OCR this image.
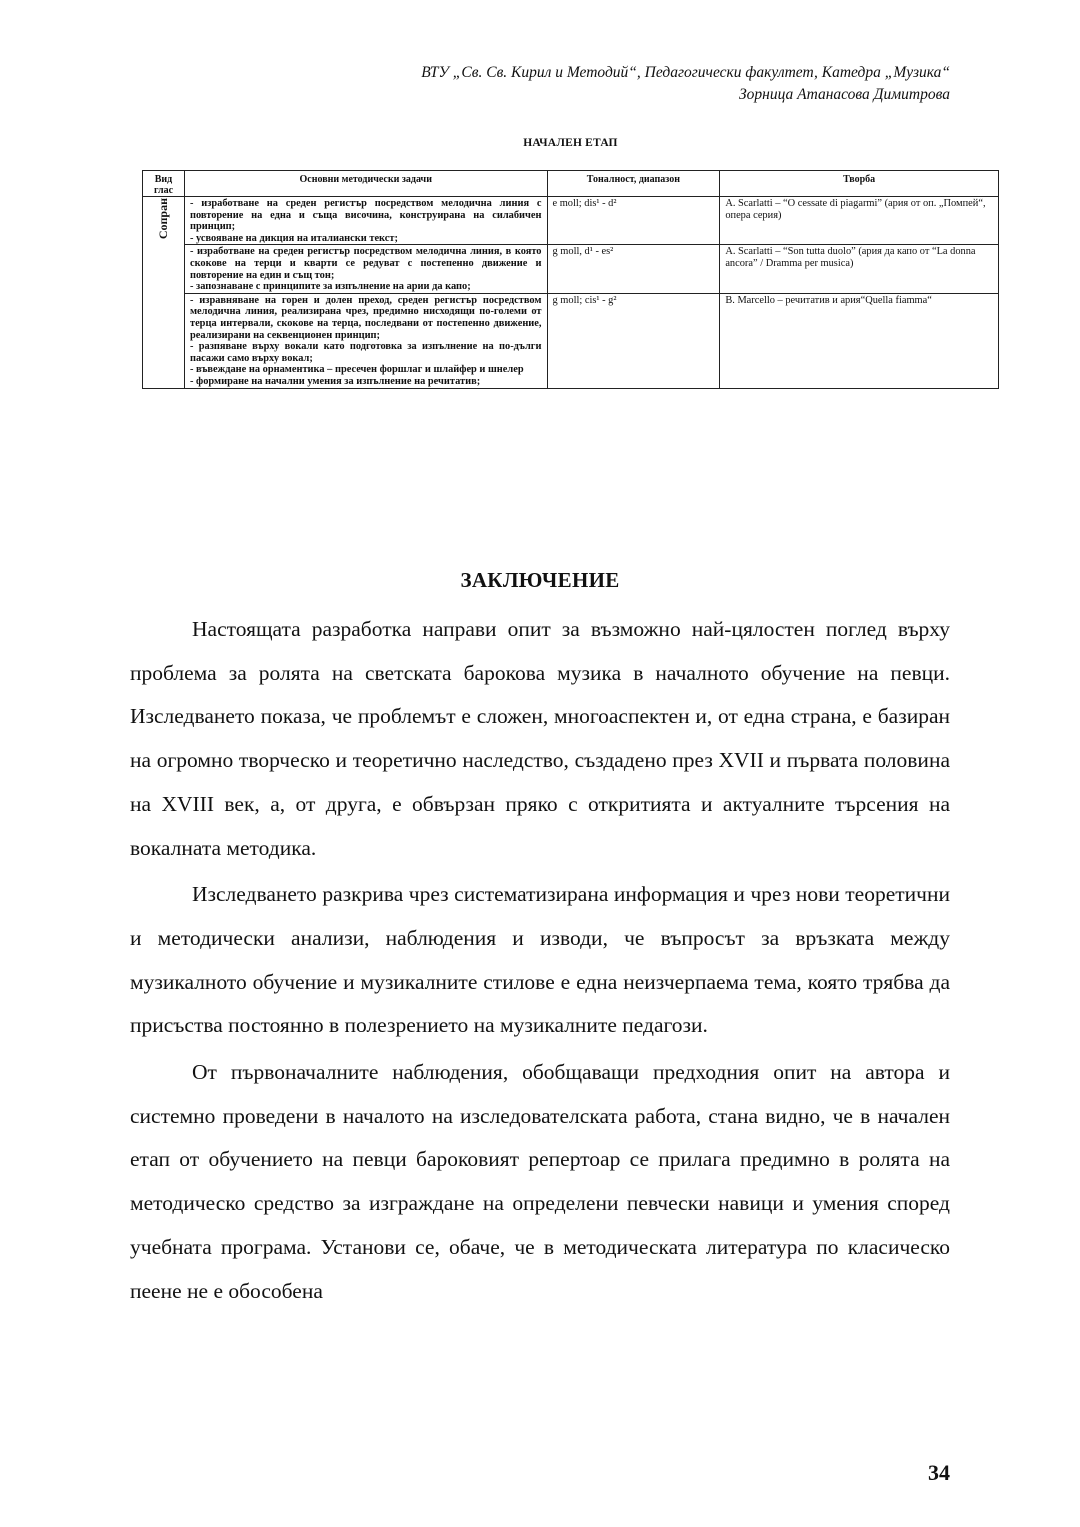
ВТУ „Св. Св. Кирил и Методий“, Педагогически факултет, Катедра „Музика“
Зорница Атанасова Димитрова
НАЧАЛЕН ЕТАП
Вид глас	Основни методически задачи	Тоналност, диапазон	Творба
Сопран	- изработване на среден регистър посредством мелодична линия с повторение на една и съща височина, конструирана на силабичен принцип;
- усвояване на дикция на италиански текст;	e moll; dis¹ - d²	A. Scarlatti – “O cessate di piagarmi” (ария от оп. „Помпей“, опера серия)
	- изработване на среден регистър посредством мелодична линия, в която скокове на терци и кварти се редуват с постепенно движение и повторение на един и същ тон;
- запознаване с принципите за изпълнение на арии да капо;	g moll, d¹ - es²	A. Scarlatti – “Son tutta duolo” (ария да капо от “La donna ancora” / Dramma per musica)
	- изравняване на горен и долен преход, среден регистър посредством мелодична линия, реализирана чрез, предимно нисходящи по-големи от терца интервали, скокове на терца, последвани от постепенно движение, реализирани на секвенционен принцип;
- разпяване върху вокали като подготовка за изпълнение на по-дълги пасажи само върху вокал;
- въвеждане на орнаментика – пресечен форшлаг и шлайфер и шнелер
- формиране на начални умения за изпълнение на речитатив;	g moll; cis¹ - g²	B. Marcello – речитатив и ария“Quella fiamma“
ЗАКЛЮЧЕНИЕ

Настоящата разработка направи опит за възможно най-цялостен поглед върху проблема за ролята на светската барокова музика в началното обучение на певци. Изследването показа, че проблемът е сложен, многоаспектен и, от една страна, е базиран на огромно творческо и теоретично наследство, създадено през XVII и първата половина на XVIII век, а, от друга, е обвързан пряко с откритията и актуалните търсения на вокалната методика.

Изследването разкрива чрез систематизирана информация и чрез нови теоретични и методически анализи, наблюдения и изводи, че въпросът за връзката между музикалното обучение и музикалните стилове е една неизчерпаема тема, която трябва да присъства постоянно в полезрението на музикалните педагози.

От първоначалните наблюдения, обобщаващи предходния опит на автора и системно проведени в началото на изследователската работа, стана видно, че в начален етап от обучението на певци бароковият репертоар се прилага предимно в ролята на методическо средство за изграждане на определени певчески навици и умения според учебната програма. Установи се, обаче, че в методическата литература по класическо пеене не е обособена

34
